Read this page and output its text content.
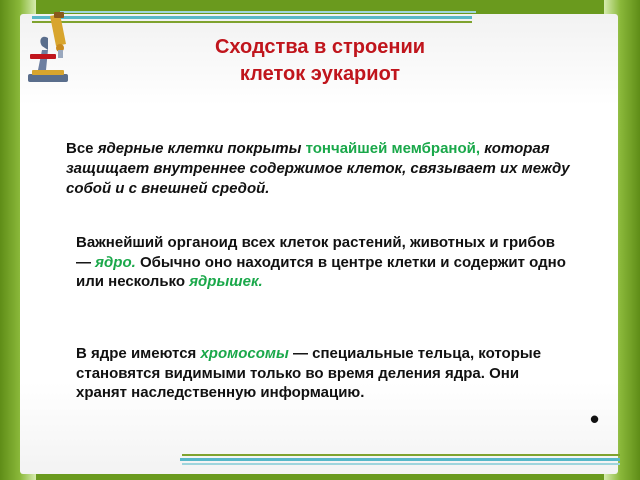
Сходства в строении
клеток эукариот
Все ядерные клетки покрыты тончайшей мембраной, которая защищает внутреннее содержимое клеток, связывает их между собой и с внешней средой.
Важнейший органоид всех клеток растений, животных и грибов — ядро. Обычно оно находится в центре клетки и содержит одно или несколько ядрышек.
В ядре имеются хромосомы — специальные тельца, которые становятся видимыми только во время деления ядра. Они хранят наследственную информацию.
•
